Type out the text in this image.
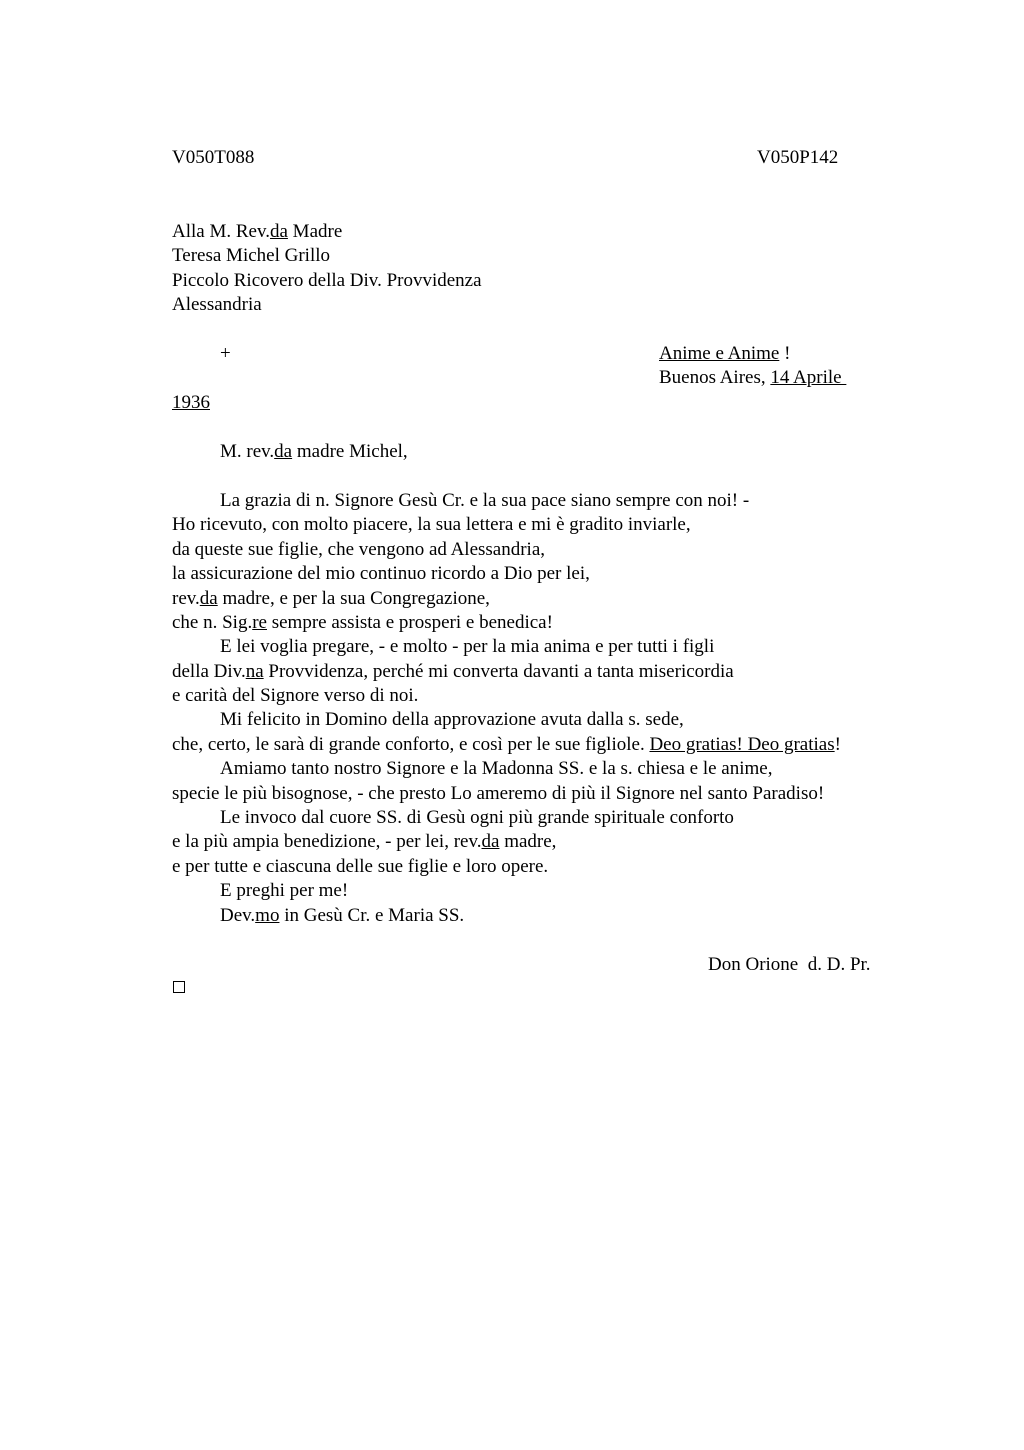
V050T088	V050P142
Alla M. Rev.da Madre
Teresa Michel Grillo
Piccolo Ricovero della Div. Provvidenza
Alessandria
+	Anime e Anime !
Buenos Aires, 14 Aprile
1936
M. rev.da madre Michel,
La grazia di n. Signore Gesù Cr. e la sua pace siano sempre con noi! -
Ho ricevuto, con molto piacere, la sua lettera e mi è gradito inviarle,
da queste sue figlie, che vengono ad Alessandria,
la assicurazione del mio continuo ricordo a Dio per lei,
rev.da madre, e per la sua Congregazione,
che n. Sig.re sempre assista e prosperi e benedica!
E lei voglia pregare, - e molto - per la mia anima e per tutti i figli
della Div.na Provvidenza, perché mi converta davanti a tanta misericordia
e carità del Signore verso di noi.
Mi felicito in Domino della approvazione avuta dalla s. sede,
che, certo, le sarà di grande conforto, e così per le sue figliole. Deo gratias! Deo gratias!
Amiamo tanto nostro Signore e la Madonna SS. e la s. chiesa e le anime,
specie le più bisognose, - che presto Lo ameremo di più il Signore nel santo Paradiso!
Le invoco dal cuore SS. di Gesù ogni più grande spirituale conforto
e la più ampia benedizione, - per lei, rev.da madre,
e per tutte e ciascuna delle sue figlie e loro opere.
E preghi per me!
Dev.mo in Gesù Cr. e Maria SS.
Don Orione  d. D. Pr.
